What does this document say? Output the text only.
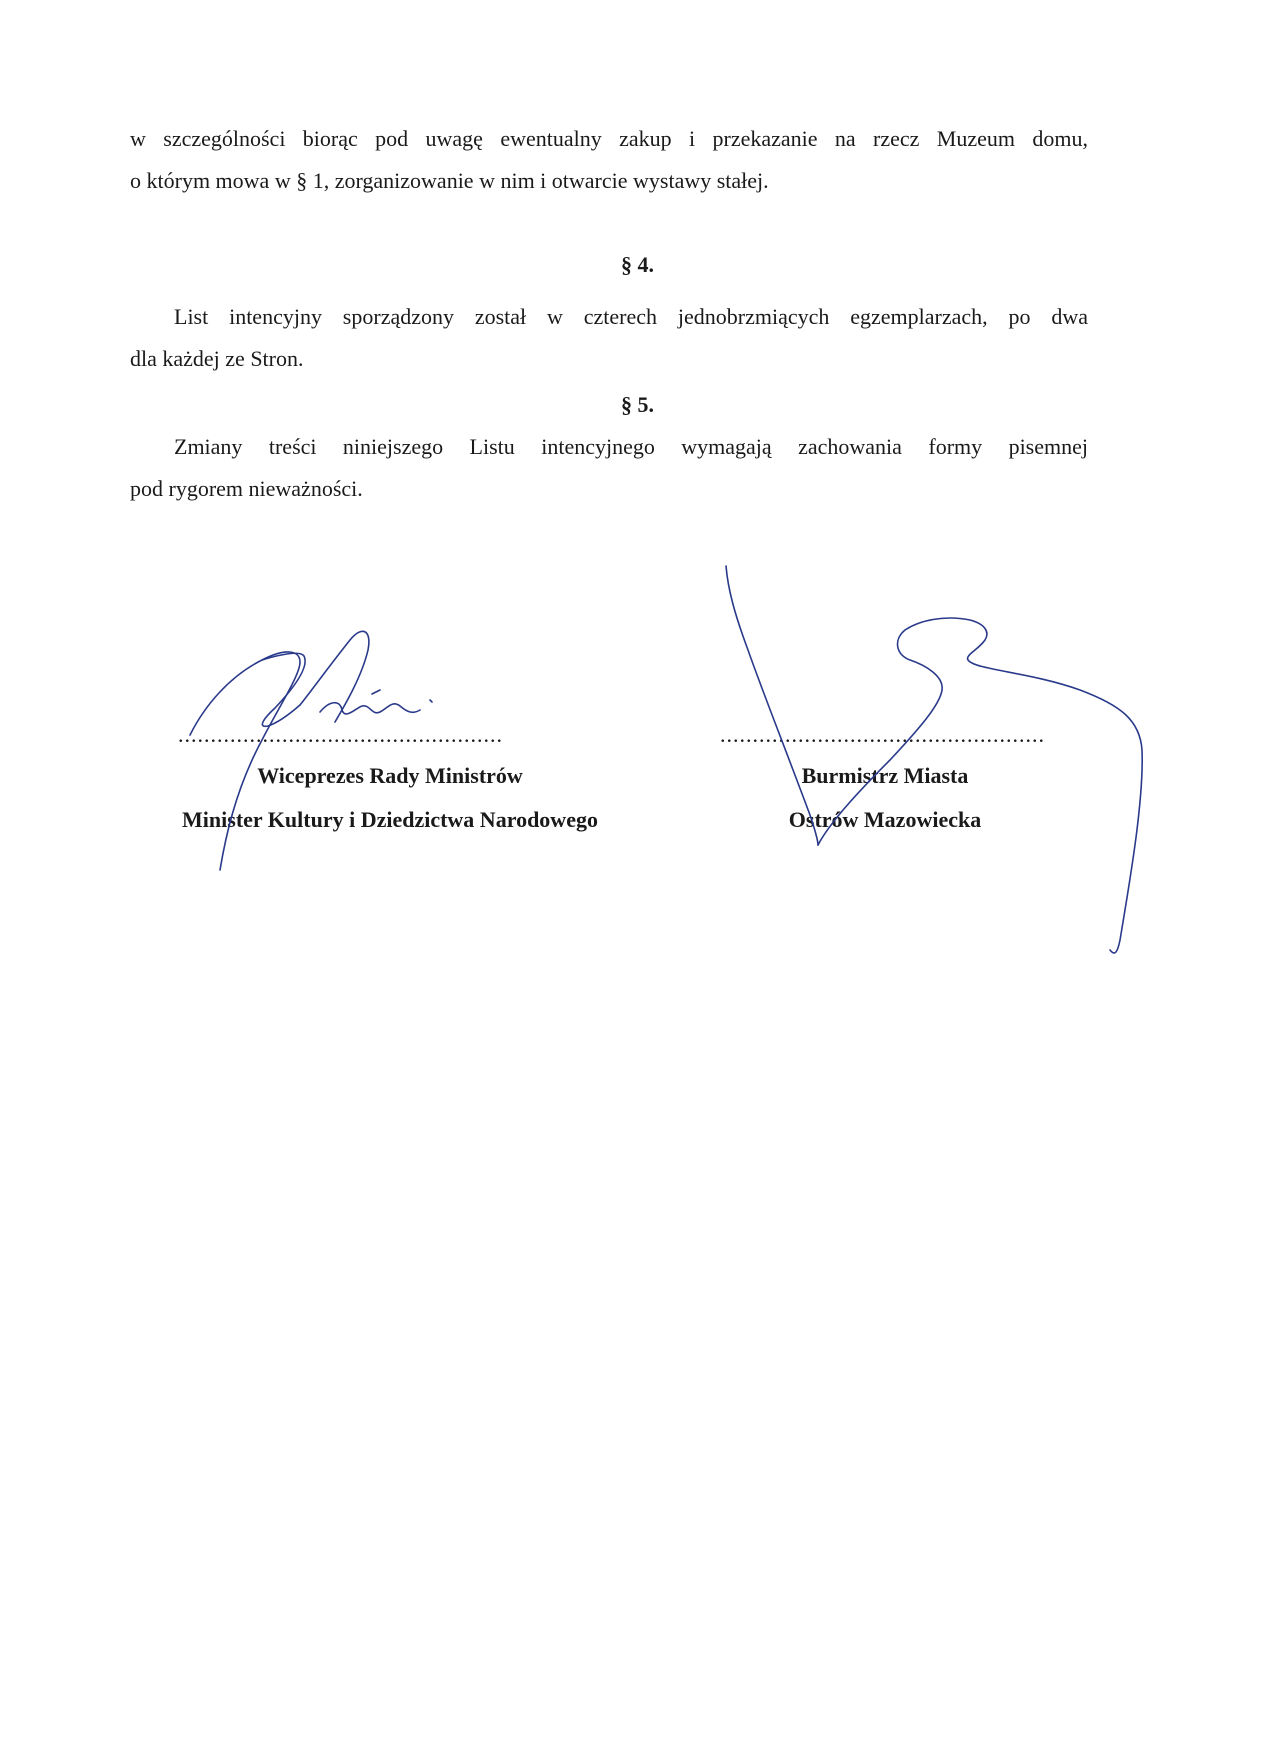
w szczególności biorąc pod uwagę ewentualny zakup i przekazanie na rzecz Muzeum domu,
o którym mowa w § 1, zorganizowanie w nim i otwarcie wystawy stałej.

§ 4.

List intencyjny sporządzony został w czterech jednobrzmiących egzemplarzach, po dwa
dla każdej ze Stron.

§ 5.

Zmiany treści niniejszego Listu intencyjnego wymagają zachowania formy pisemnej
pod rygorem nieważności.

..................................................
Wiceprezes Rady Ministrów
Minister Kultury i Dziedzictwa Narodowego
..................................................
Burmistrz Miasta
Ostrów Mazowiecka
